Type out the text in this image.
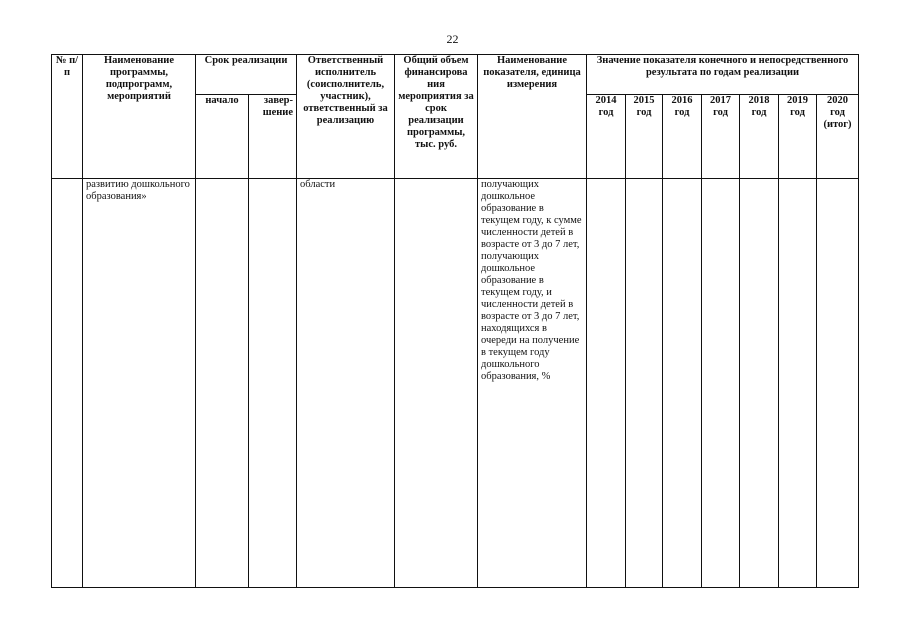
22
№ п/п	Наименование программы, подпрограмм, мероприятий	Срок реализации		Ответственный исполнитель (соисполнитель, участник), ответственный за реализацию	Общий объем финансирова ния мероприятия за срок реализации программы, тыс. руб.	Наименование показателя, единица измерения	Значение показателя конечного и непосредственного результата по годам реализации						
		начало	завер-шение				2014 год	2015 год	2016 год	2017 год	2018 год	2019 год	2020 год (итог)
	развитию дошкольного образования»			области		получающих дошкольное образование в текущем году, к сумме численности детей в возрасте от 3 до 7 лет, получающих дошкольное образование в текущем году, и численности детей в возрасте от 3 до 7 лет, находящихся в очереди на получение в текущем году дошкольного образования, %							
